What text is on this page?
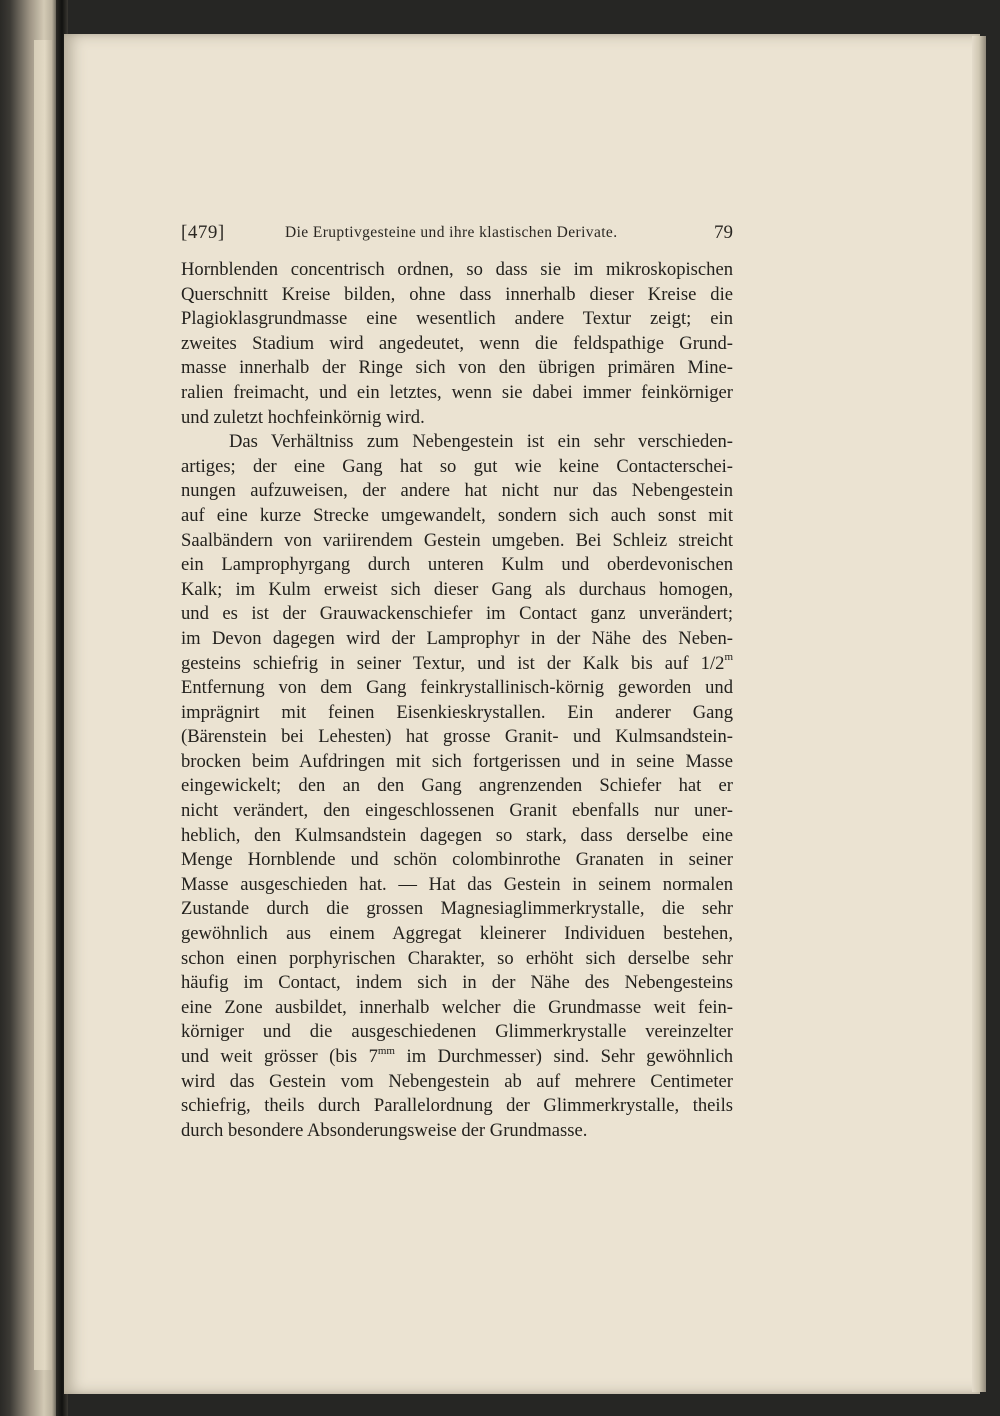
[479]	Die Eruptivgesteine und ihre klastischen Derivate.	79
Hornblenden concentrisch ordnen, so dass sie im mikroskopischen
Querschnitt Kreise bilden, ohne dass innerhalb dieser Kreise die
Plagioklasgrundmasse eine wesentlich andere Textur zeigt; ein
zweites Stadium wird angedeutet, wenn die feldspathige Grund-
masse innerhalb der Ringe sich von den übrigen primären Mine-
ralien freimacht, und ein letztes, wenn sie dabei immer feinkörniger
und zuletzt hochfeinkörnig wird.
Das Verhältniss zum Nebengestein ist ein sehr verschieden-
artiges; der eine Gang hat so gut wie keine Contacterschei-
nungen aufzuweisen, der andere hat nicht nur das Nebengestein
auf eine kurze Strecke umgewandelt, sondern sich auch sonst mit
Saalbändern von variirendem Gestein umgeben. Bei Schleiz streicht
ein Lamprophyrgang durch unteren Kulm und oberdevonischen
Kalk; im Kulm erweist sich dieser Gang als durchaus homogen,
und es ist der Grauwackenschiefer im Contact ganz unverändert;
im Devon dagegen wird der Lamprophyr in der Nähe des Neben-
gesteins schiefrig in seiner Textur, und ist der Kalk bis auf 1/2$^m$
Entfernung von dem Gang feinkrystallinisch-körnig geworden und
imprägnirt mit feinen Eisenkieskrystallen. Ein anderer Gang
(Bärenstein bei Lehesten) hat grosse Granit- und Kulmsandstein-
brocken beim Aufdringen mit sich fortgerissen und in seine Masse
eingewickelt; den an den Gang angrenzenden Schiefer hat er
nicht verändert, den eingeschlossenen Granit ebenfalls nur uner-
heblich, den Kulmsandstein dagegen so stark, dass derselbe eine
Menge Hornblende und schön colombinrothe Granaten in seiner
Masse ausgeschieden hat. — Hat das Gestein in seinem normalen
Zustande durch die grossen Magnesiaglimmerkrystalle, die sehr
gewöhnlich aus einem Aggregat kleinerer Individuen bestehen,
schon einen porphyrischen Charakter, so erhöht sich derselbe sehr
häufig im Contact, indem sich in der Nähe des Nebengesteins
eine Zone ausbildet, innerhalb welcher die Grundmasse weit fein-
körniger und die ausgeschiedenen Glimmerkrystalle vereinzelter
und weit grösser (bis $7^{mm}$ im Durchmesser) sind. Sehr gewöhnlich
wird das Gestein vom Nebengestein ab auf mehrere Centimeter
schiefrig, theils durch Parallelordnung der Glimmerkrystalle, theils
durch besondere Absonderungsweise der Grundmasse.
